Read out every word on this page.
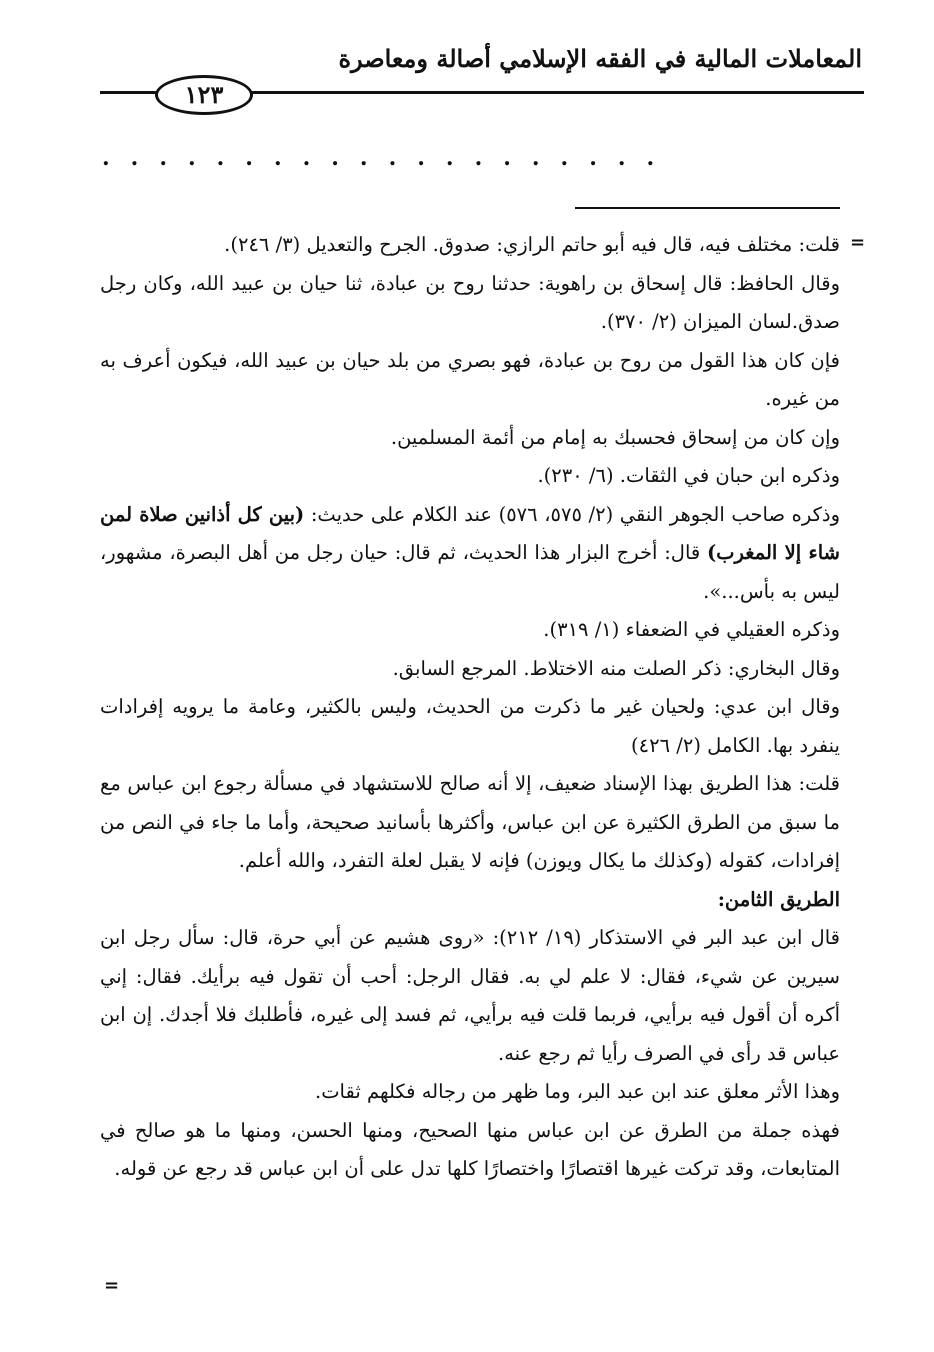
المعاملات المالية في الفقه الإسلامي أصالة ومعاصرة
١٢٣
....................
=
=

قلت: مختلف فيه، قال فيه أبو حاتم الرازي: صدوق. الجرح والتعديل (٣/ ٢٤٦).

وقال الحافظ: قال إسحاق بن راهوية: حدثنا روح بن عبادة، ثنا حيان بن عبيد الله، وكان رجل صدق.لسان الميزان (٢/ ٣٧٠).

فإن كان هذا القول من روح بن عبادة، فهو بصري من بلد حيان بن عبيد الله، فيكون أعرف به من غيره.

وإن كان من إسحاق فحسبك به إمام من أئمة المسلمين.

وذكره ابن حبان في الثقات. (٦/ ٢٣٠).

وذكره صاحب الجوهر النقي (٢/ ٥٧٥، ٥٧٦) عند الكلام على حديث: (بين كل أذانين صلاة لمن شاء إلا المغرب) قال: أخرج البزار هذا الحديث، ثم قال: حيان رجل من أهل البصرة، مشهور، ليس به بأس...».

وذكره العقيلي في الضعفاء (١/ ٣١٩).

وقال البخاري: ذكر الصلت منه الاختلاط. المرجع السابق.

وقال ابن عدي: ولحيان غير ما ذكرت من الحديث، وليس بالكثير، وعامة ما يرويه إفرادات ينفرد بها. الكامل (٢/ ٤٢٦)

قلت: هذا الطريق بهذا الإسناد ضعيف، إلا أنه صالح للاستشهاد في مسألة رجوع ابن عباس مع ما سبق من الطرق الكثيرة عن ابن عباس، وأكثرها بأسانيد صحيحة، وأما ما جاء في النص من إفرادات، كقوله (وكذلك ما يكال ويوزن) فإنه لا يقبل لعلة التفرد، والله أعلم.

الطريق الثامن:

قال ابن عبد البر في الاستذكار (١٩/ ٢١٢): «روى هشيم عن أبي حرة، قال: سأل رجل ابن سيرين عن شيء، فقال: لا علم لي به. فقال الرجل: أحب أن تقول فيه برأيك. فقال: إني أكره أن أقول فيه برأيي، فربما قلت فيه برأيي، ثم فسد إلى غيره، فأطلبك فلا أجدك. إن ابن عباس قد رأى في الصرف رأيا ثم رجع عنه.

وهذا الأثر معلق عند ابن عبد البر، وما ظهر من رجاله فكلهم ثقات.

فهذه جملة من الطرق عن ابن عباس منها الصحيح، ومنها الحسن، ومنها ما هو صالح في المتابعات، وقد تركت غيرها اقتصارًا واختصارًا كلها تدل على أن ابن عباس قد رجع عن قوله.
